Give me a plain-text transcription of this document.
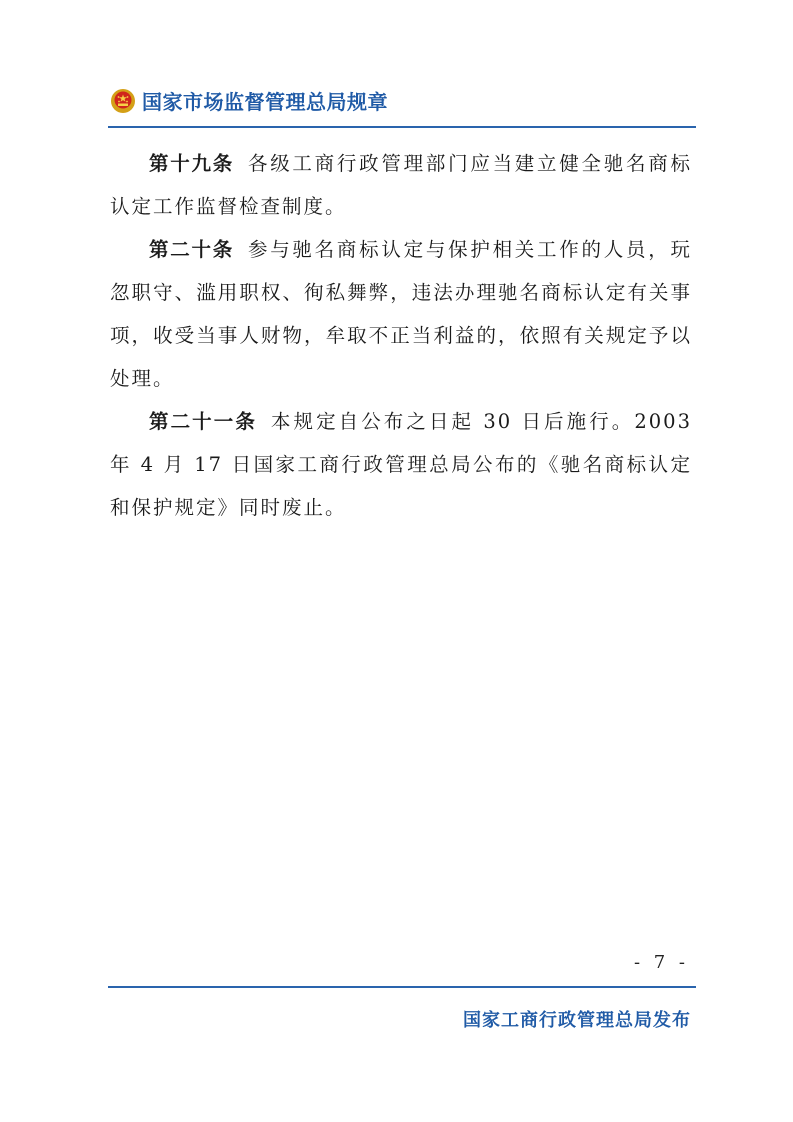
国家市场监督管理总局规章

第十九条 各级工商行政管理部门应当建立健全驰名商标认定工作监督检查制度。

第二十条 参与驰名商标认定与保护相关工作的人员，玩忽职守、滥用职权、徇私舞弊，违法办理驰名商标认定有关事项，收受当事人财物，牟取不正当利益的，依照有关规定予以处理。

第二十一条 本规定自公布之日起 30 日后施行。2003 年 4 月 17 日国家工商行政管理总局公布的《驰名商标认定和保护规定》同时废止。

- 7 -
国家工商行政管理总局发布
